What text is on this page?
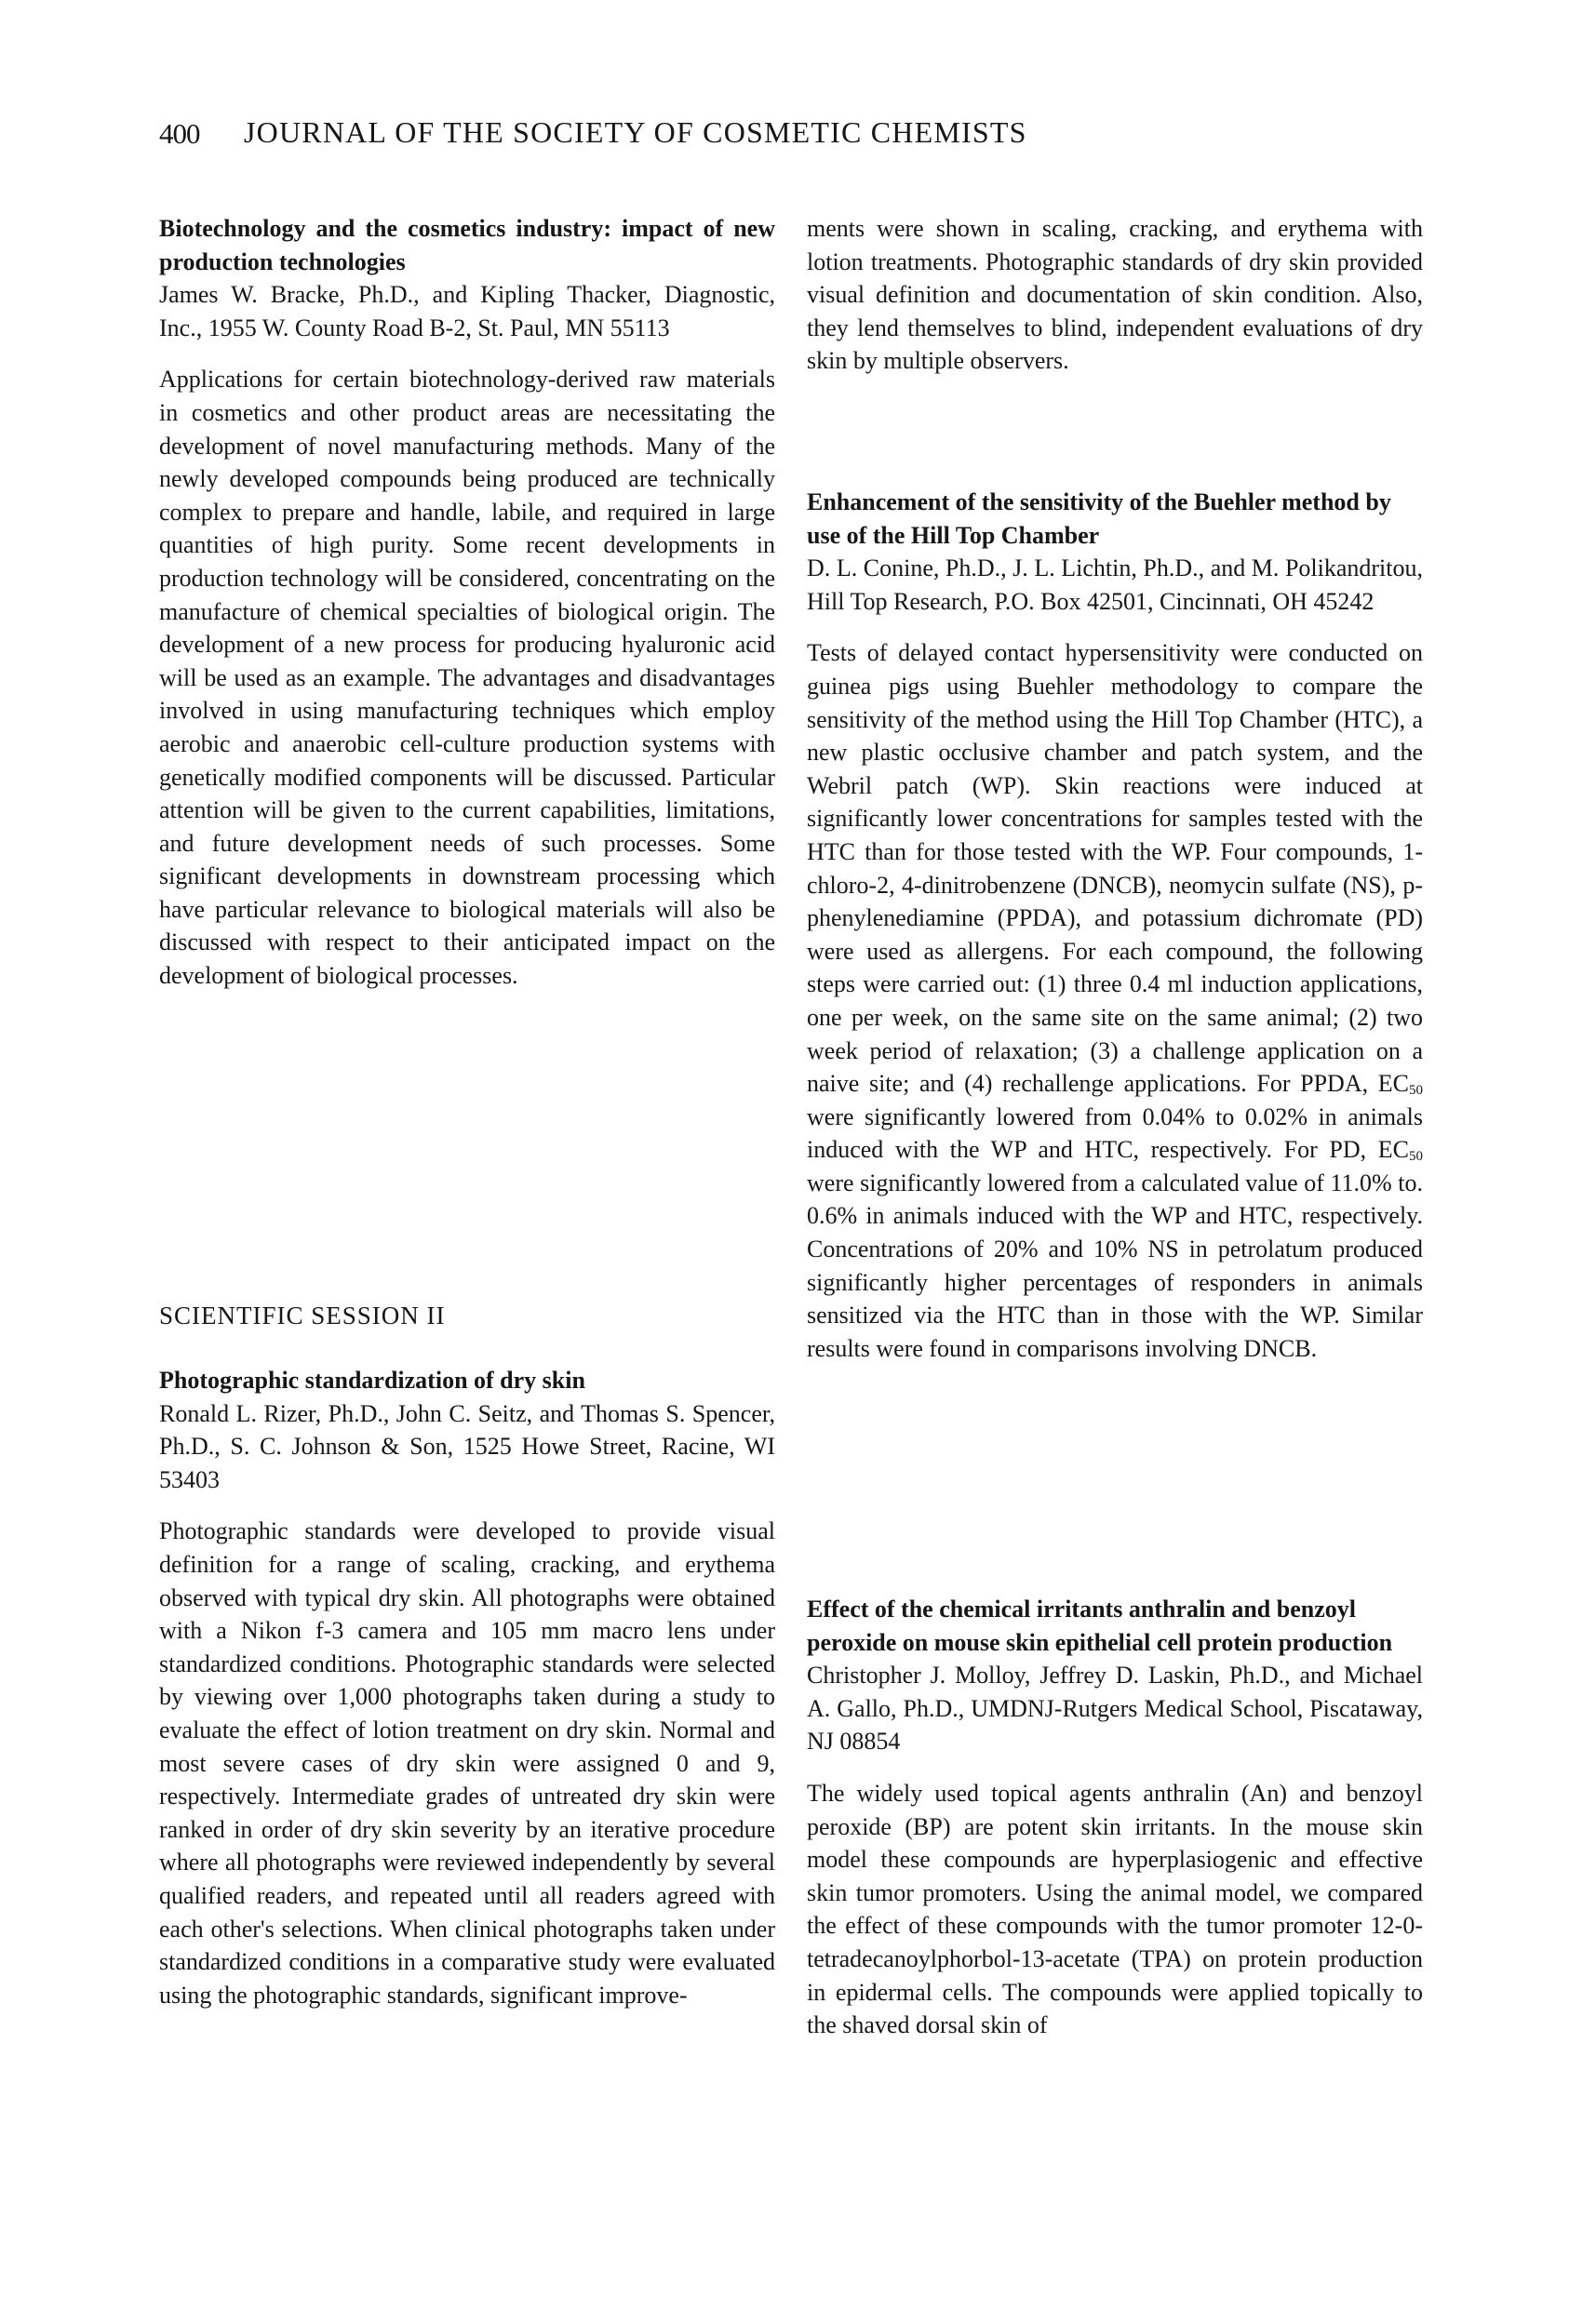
400 JOURNAL OF THE SOCIETY OF COSMETIC CHEMISTS
Biotechnology and the cosmetics industry: impact of new production technologies
James W. Bracke, Ph.D., and Kipling Thacker, Diagnostic, Inc., 1955 W. County Road B-2, St. Paul, MN 55113
Applications for certain biotechnology-derived raw materials in cosmetics and other product areas are necessitating the development of novel manufacturing methods. Many of the newly developed compounds being produced are technically complex to prepare and handle, labile, and required in large quantities of high purity. Some recent developments in production technology will be considered, concentrating on the manufacture of chemical specialties of biological origin. The development of a new process for producing hyaluronic acid will be used as an example. The advantages and disadvantages involved in using manufacturing techniques which employ aerobic and anaerobic cell-culture production systems with genetically modified components will be discussed. Particular attention will be given to the current capabilities, limitations, and future development needs of such processes. Some significant developments in downstream processing which have particular relevance to biological materials will also be discussed with respect to their anticipated impact on the development of biological processes.
SCIENTIFIC SESSION II
Photographic standardization of dry skin
Ronald L. Rizer, Ph.D., John C. Seitz, and Thomas S. Spencer, Ph.D., S. C. Johnson & Son, 1525 Howe Street, Racine, WI 53403
Photographic standards were developed to provide visual definition for a range of scaling, cracking, and erythema observed with typical dry skin. All photographs were obtained with a Nikon f-3 camera and 105 mm macro lens under standardized conditions. Photographic standards were selected by viewing over 1,000 photographs taken during a study to evaluate the effect of lotion treatment on dry skin. Normal and most severe cases of dry skin were assigned 0 and 9, respectively. Intermediate grades of untreated dry skin were ranked in order of dry skin severity by an iterative procedure where all photographs were reviewed independently by several qualified readers, and repeated until all readers agreed with each other's selections. When clinical photographs taken under standardized conditions in a comparative study were evaluated using the photographic standards, significant improve-
ments were shown in scaling, cracking, and erythema with lotion treatments. Photographic standards of dry skin provided visual definition and documentation of skin condition. Also, they lend themselves to blind, independent evaluations of dry skin by multiple observers.
Enhancement of the sensitivity of the Buehler method by use of the Hill Top Chamber
D. L. Conine, Ph.D., J. L. Lichtin, Ph.D., and M. Polikandritou, Hill Top Research, P.O. Box 42501, Cincinnati, OH 45242
Tests of delayed contact hypersensitivity were conducted on guinea pigs using Buehler methodology to compare the sensitivity of the method using the Hill Top Chamber (HTC), a new plastic occlusive chamber and patch system, and the Webril patch (WP). Skin reactions were induced at significantly lower concentrations for samples tested with the HTC than for those tested with the WP. Four compounds, 1-chloro-2, 4-dinitrobenzene (DNCB), neomycin sulfate (NS), p-phenylenediamine (PPDA), and potassium dichromate (PD) were used as allergens. For each compound, the following steps were carried out: (1) three 0.4 ml induction applications, one per week, on the same site on the same animal; (2) two week period of relaxation; (3) a challenge application on a naive site; and (4) rechallenge applications. For PPDA, $EC_{50}$ were significantly lowered from 0.04% to 0.02% in animals induced with the WP and HTC, respectively. For PD, $EC_{50}$ were significantly lowered from a calculated value of 11.0% to. 0.6% in animals induced with the WP and HTC, respectively. Concentrations of 20% and 10% NS in petrolatum produced significantly higher percentages of responders in animals sensitized via the HTC than in those with the WP. Similar results were found in comparisons involving DNCB.
Effect of the chemical irritants anthralin and benzoyl peroxide on mouse skin epithelial cell protein production
Christopher J. Molloy, Jeffrey D. Laskin, Ph.D., and Michael A. Gallo, Ph.D., UMDNJ-Rutgers Medical School, Piscataway, NJ 08854
The widely used topical agents anthralin (An) and benzoyl peroxide (BP) are potent skin irritants. In the mouse skin model these compounds are hyperplasiogenic and effective skin tumor promoters. Using the animal model, we compared the effect of these compounds with the tumor promoter 12-0-tetradecanoylphorbol-13-acetate (TPA) on protein production in epidermal cells. The compounds were applied topically to the shaved dorsal skin of
